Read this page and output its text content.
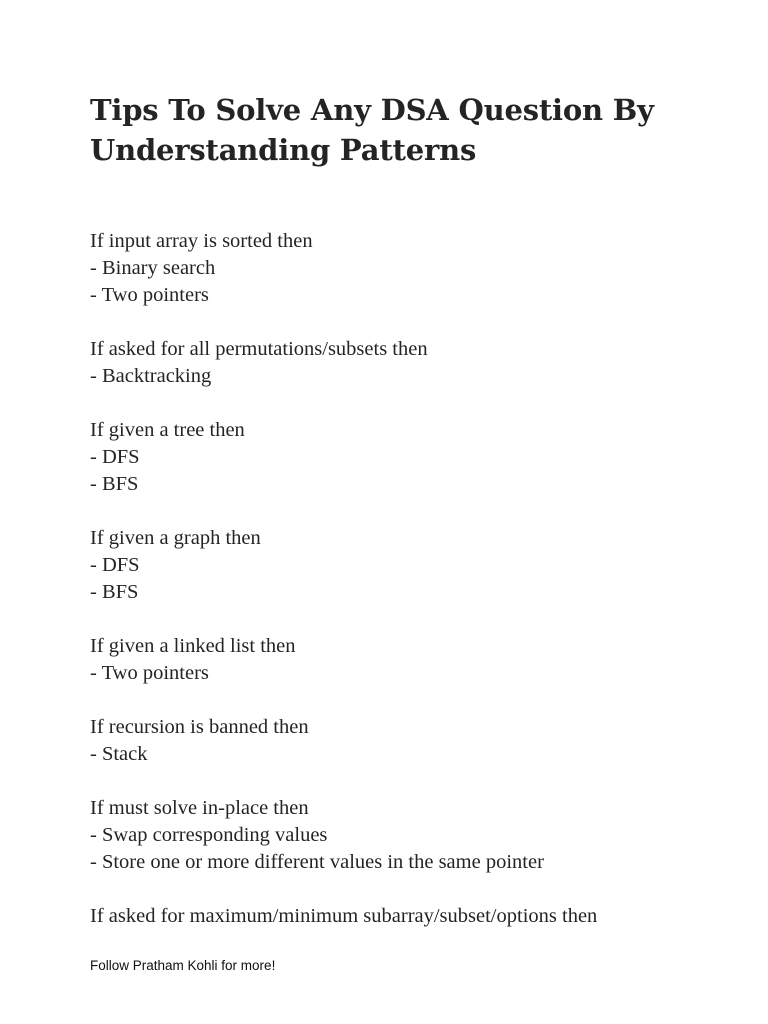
Tips To Solve Any DSA Question By Understanding Patterns
If input array is sorted then
- Binary search
- Two pointers
If asked for all permutations/subsets then
- Backtracking
If given a tree then
- DFS
- BFS
If given a graph then
- DFS
- BFS
If given a linked list then
- Two pointers
If recursion is banned then
- Stack
If must solve in-place then
- Swap corresponding values
- Store one or more different values in the same pointer
If asked for maximum/minimum subarray/subset/options then
Follow Pratham Kohli for more!
